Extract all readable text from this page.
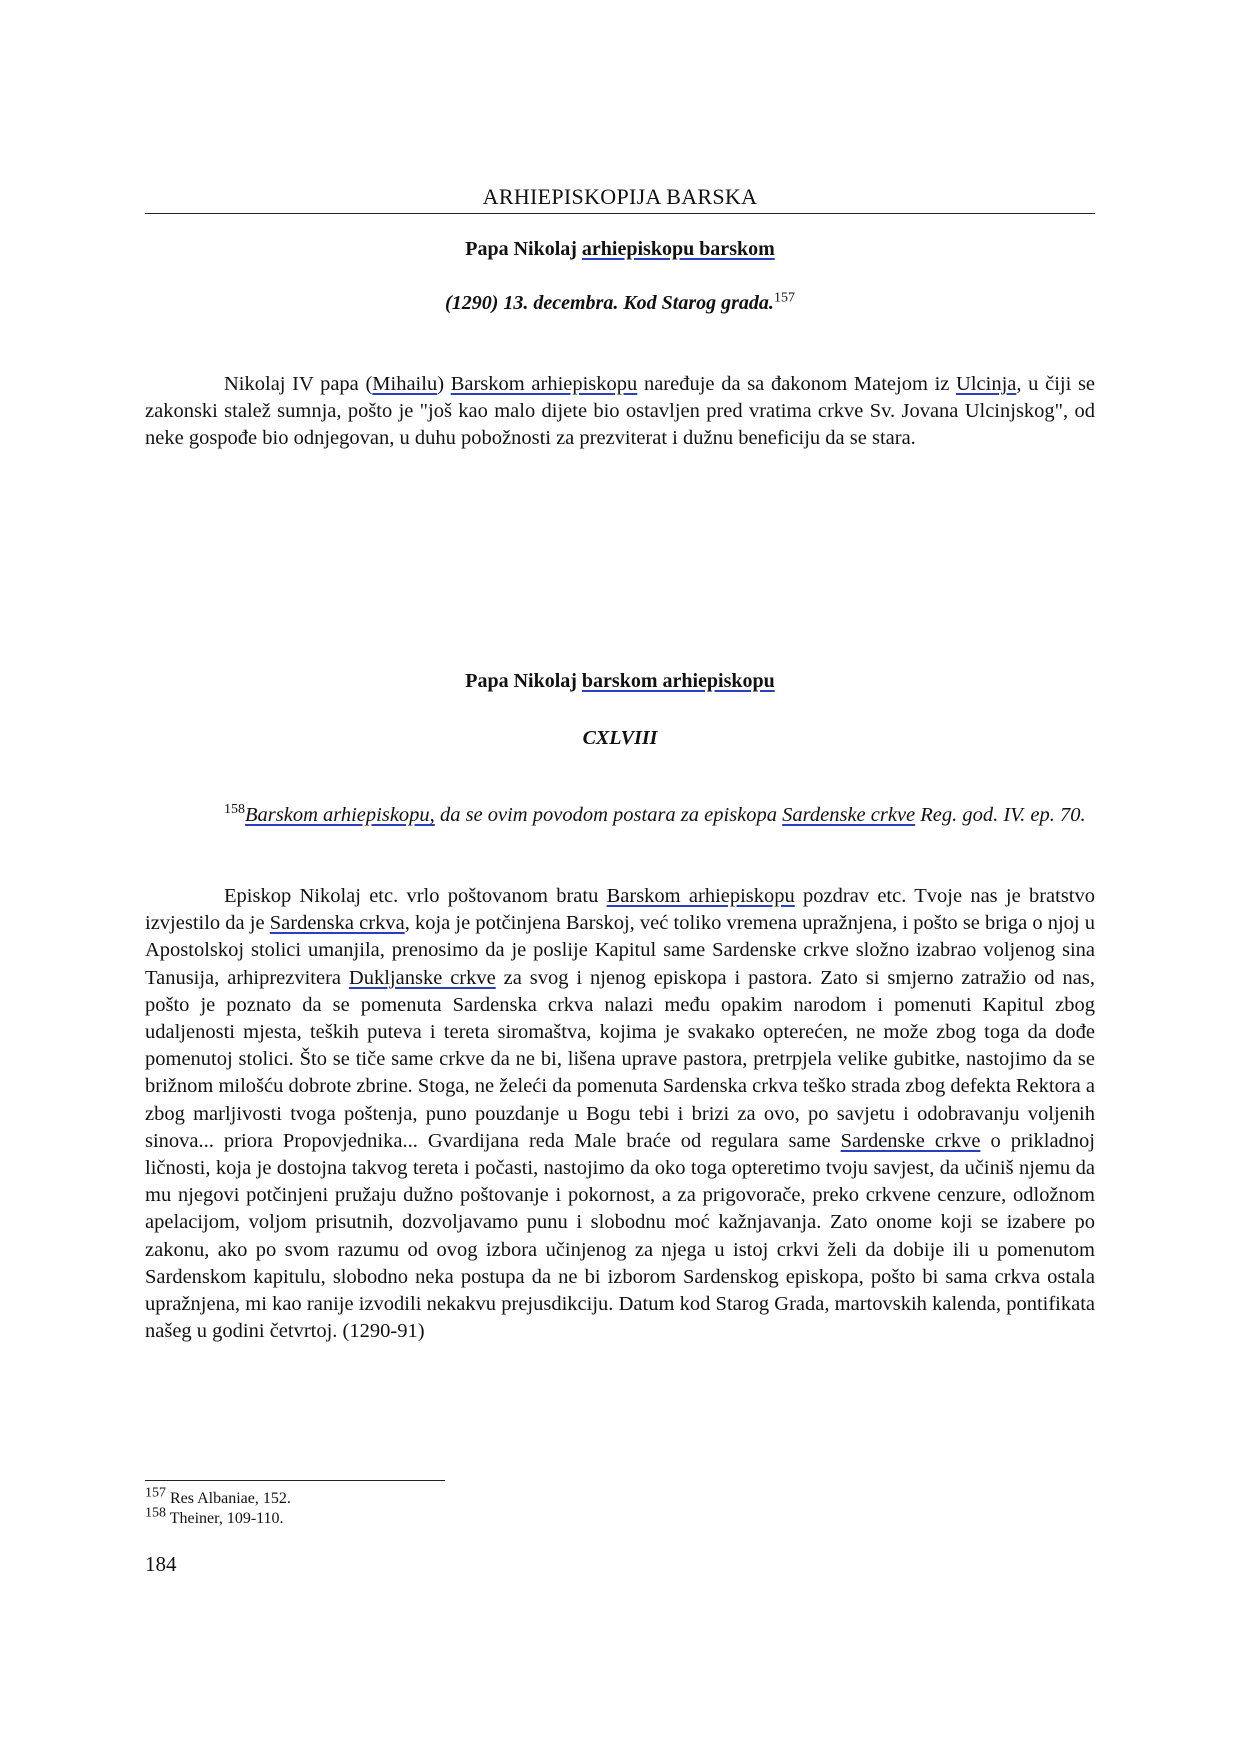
ARHIEPISKOPIJA BARSKA
Papa Nikolaj arhiepiskopu barskom
(1290) 13. decembra. Kod Starog grada.$^{157}$
Nikolaj IV papa (Mihailu) Barskom arhiepiskopu naređuje da sa đakonom Matejom iz Ulcinja, u čiji se zakonski stalež sumnja, pošto je "još kao malo dijete bio ostavljen pred vratima crkve Sv. Jovana Ulcinjskog", od neke gospođe bio odnjegovan, u duhu pobožnosti za prezviterat i dužnu beneficiju da se stara.
Papa Nikolaj barskom arhiepiskopu
CXLVIII
$^{158}$Barskom arhiepiskopu, da se ovim povodom postara za episkopa Sardenske crkve Reg. god. IV. ep. 70.
Episkop Nikolaj etc. vrlo poštovanom bratu Barskom arhiepiskopu pozdrav etc. Tvoje nas je bratstvo izvjestilo da je Sardenska crkva, koja je potčinjena Barskoj, već toliko vremena upražnjena, i pošto se briga o njoj u Apostolskoj stolici umanjila, prenosimo da je poslije Kapitul same Sardenske crkve složno izabrao voljenog sina Tanusija, arhiprezvitera Dukljanske crkve za svog i njenog episkopa i pastora. Zato si smjerno zatražio od nas, pošto je poznato da se pomenuta Sardenska crkva nalazi među opakim narodom i pomenuti Kapitul zbog udaljenosti mjesta, teških puteva i tereta siromaštva, kojima je svakako opterećen, ne može zbog toga da dođe pomenutoj stolici. Što se tiče same crkve da ne bi, lišena uprave pastora, pretrpjela velike gubitke, nastojimo da se brižnom milošću dobrote zbrine. Stoga, ne želeći da pomenuta Sardenska crkva teško strada zbog defekta Rektora a zbog marljivosti tvoga poštenja, puno pouzdanje u Bogu tebi i brizi za ovo, po savjetu i odobravanju voljenih sinova... priora Propovjednika... Gvardijana reda Male braće od regulara same Sardenske crkve o prikladnoj ličnosti, koja je dostojna takvog tereta i počasti, nastojimo da oko toga opteretimo tvoju savjest, da učiniš njemu da mu njegovi potčinjeni pružaju dužno poštovanje i pokornost, a za prigovorače, preko crkvene cenzure, odložnom apelacijom, voljom prisutnih, dozvoljavamo punu i slobodnu moć kažnjavanja. Zato onome koji se izabere po zakonu, ako po svom razumu od ovog izbora učinjenog za njega u istoj crkvi želi da dobije ili u pomenutom Sardenskom kapitulu, slobodno neka postupa da ne bi izborom Sardenskog episkopa, pošto bi sama crkva ostala upražnjena, mi kao ranije izvodili nekakvu prejusdikciju. Datum kod Starog Grada, martovskih kalenda, pontifikata našeg u godini četvrtoj. (1290-91)
$^{157}$ Res Albaniae, 152.
$^{158}$ Theiner, 109-110.
184
